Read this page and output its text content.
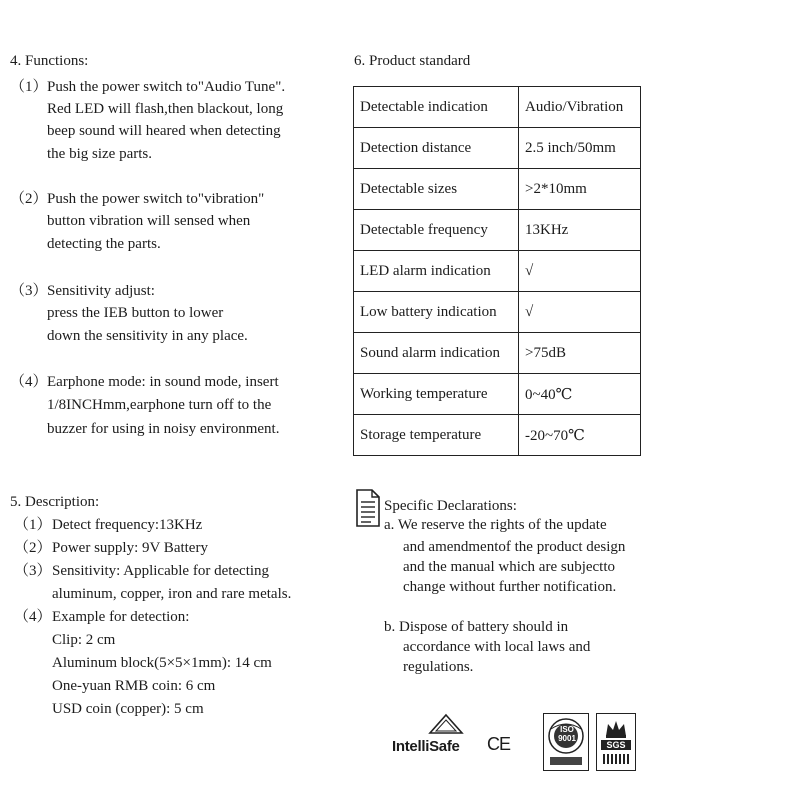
4. Functions:
（1） Push the power switch to"Audio Tune".
Red LED will flash,then blackout, long
beep sound will heared when detecting
the big size parts.
（2） Push the power switch to"vibration"
button vibration will sensed when
detecting the parts.
（3） Sensitivity adjust:
press the IEB button to lower
down the sensitivity in any place.
（4） Earphone mode: in sound mode, insert
1/8INCHmm,earphone turn off to the
buzzer for using in noisy environment.
6. Product standard
Detectable indication	Audio/Vibration
Detection distance	2.5 inch/50mm
Detectable sizes	>2*10mm
Detectable frequency	13KHz
LED alarm indication	√
Low battery indication	√
Sound alarm indication	>75dB
Working temperature	0~40℃
Storage temperature	-20~70℃
5. Description:
（1） Detect frequency:13KHz
（2） Power supply: 9V Battery
（3） Sensitivity: Applicable for detecting
aluminum, copper, iron and rare metals.
（4） Example for detection:
Clip: 2 cm
Aluminum block(5×5×1mm): 14 cm
One-yuan RMB coin: 6 cm
USD coin (copper): 5 cm
Specific Declarations:
a. We reserve the rights of the update
and amendmentof the product design
and the manual which are subjectto
change without further notification.
b. Dispose of battery should in
accordance with local laws and
regulations.
IntelliSafe CE
ISO
9001
SGS
